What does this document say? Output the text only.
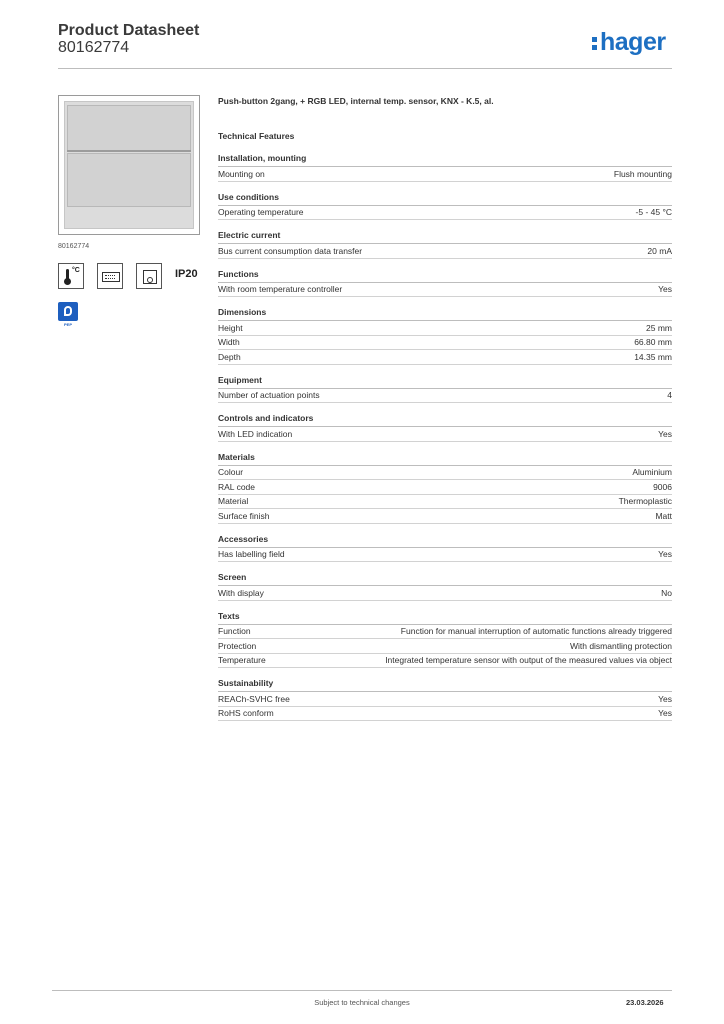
Product Datasheet
80162774	hager
80162774
°C	IP20
PEP
Push-button 2gang, + RGB LED, internal temp. sensor, KNX - K.5, al.
Technical Features
Installation, mounting
Mounting on	Flush mounting
Use conditions
Operating temperature	-5 - 45 °C
Electric current
Bus current consumption data transfer	20 mA
Functions
With room temperature controller	Yes
Dimensions
Height	25 mm
Width	66.80 mm
Depth	14.35 mm
Equipment
Number of actuation points	4
Controls and indicators
With LED indication	Yes
Materials
Colour	Aluminium
RAL code	9006
Material	Thermoplastic
Surface finish	Matt
Accessories
Has labelling field	Yes
Screen
With display	No
Texts
Function	Function for manual interruption of automatic functions already triggered
Protection	With dismantling protection
Temperature	Integrated temperature sensor with output of the measured values via object
Sustainability
REACh-SVHC free	Yes
RoHS conform	Yes
Subject to technical changes	23.03.2026
